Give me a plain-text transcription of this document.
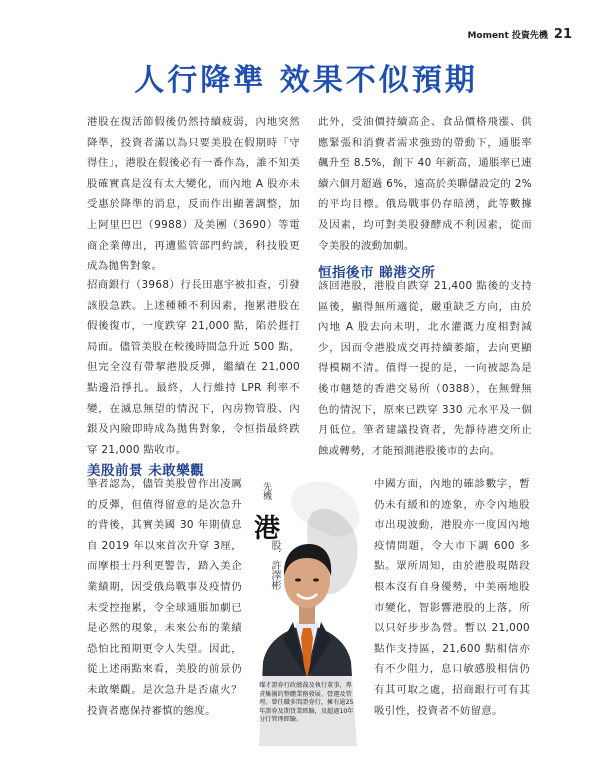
Moment 投資先機 21
人行降準 效果不似預期

港股在復活節假後仍然持續疲弱，內地突然降準，投資者滿以為只要美股在假期時「守得住」，港股在假後必有一番作為，誰不知美股確實真是沒有太大變化，而內地 A 股亦未受惠於降準的消息，反而作出顯著調整，加上阿里巴巴（9988）及美團（3690）等電商企業傳出，再遭監管部門約談，科技股更成為拋售對象。

招商銀行（3968）行長田惠宇被扣查，引發該股急跌。上述種種不利因素，拖累港股在假後復市，一度跌穿 21,000 點，陷於捱打局面。儘管美股在較後時間急升近 500 點，但完全沒有帶挈港股反彈，繼續在 21,000 點邊沿掙扎。最終，人行維持 LPR 利率不變，在滅息無望的情況下，內房物管股、內銀及內險即時成為拋售對象，令恒指最終跌穿 21,000 點收市。

此外，受油價持續高企、食品價格飛漲、供應緊張和消費者需求強勁的帶動下，通脹率飆升至 8.5%，創下 40 年新高，通脹率已連續六個月超過 6%，遠高於美聯儲設定的 2% 的平均目標。俄烏戰事仍存暗湧，此等數據及因素，均可對美股發酵成不利因素，從而令美股的波動加劇。

恒指後市 睇港交所

該回港股，港股自跌穿 21,400 點後的支持區後，顯得無所適從，嚴重缺乏方向，由於內地 A 股去向未明，北水灌溉力度相對減少，因而令港股成交再持續萎縮，去向更顯得模糊不清。值得一提的是，一向被認為是後市翹楚的香港交易所（0388），在無聲無色的情況下，原來已跌穿 330 元水平及一個月低位。筆者建議投資者，先靜待港交所止蝕或轉勢，才能預測港股後市的去向。

美股前景 未敢樂觀

筆者認為，儘管美股曾作出凌厲的反彈，但值得留意的是次急升的背後，其實美國 30 年期債息自 2019 年以來首次升穿 3厘，而摩根士丹利更警告，踏入美企業績期，因受俄烏戰事及疫情仍未受控拖累，令全球通脹加劇已是必然的現象，未來公布的業績恐怕比預期更令人失望。因此，從上述兩點來看，美股的前景仍未敢樂觀。是次急升是否虛火？投資者應保持審慎的態度。

中國方面，內地的確診數字，暫仍未有緩和的迹象，亦令內地股市出現波動，港股亦一度因內地疫情問題，令大市下調 600 多點。眾所周知，由於港股現階段根本沒有自身優勢，中美兩地股市變化，智影響港股的上落，所以只好步步為營。暫以 21,000 點作支持區，21,600 點相信亦有不少阻力，息口敏感股相信仍有其可取之處，招商銀行可有其吸引性，投資者不妨留意。

先機
港
股．許澤彬

耀才證券行政總裁及執行董事，專責集團的整體業務發展、營運及管理。曾任職多間證券行，擁有逾25年證券及期貨業經驗，及超過10年分行管理經驗。
